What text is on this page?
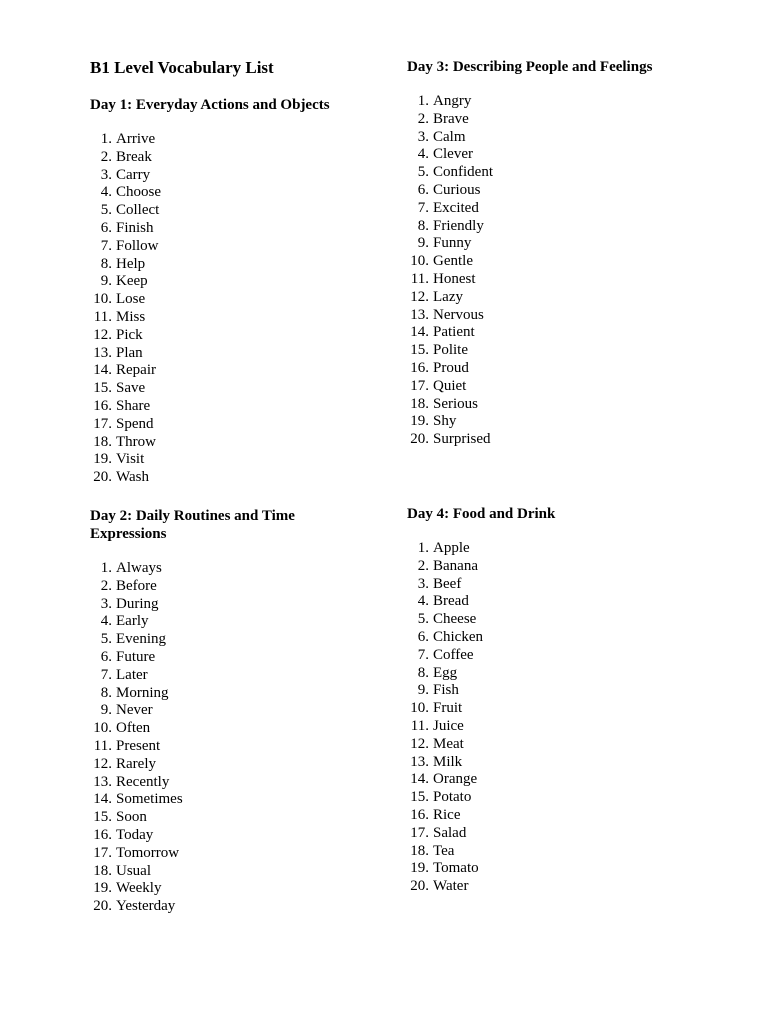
B1 Level Vocabulary List
Day 1: Everyday Actions and Objects
1. Arrive
2. Break
3. Carry
4. Choose
5. Collect
6. Finish
7. Follow
8. Help
9. Keep
10. Lose
11. Miss
12. Pick
13. Plan
14. Repair
15. Save
16. Share
17. Spend
18. Throw
19. Visit
20. Wash
Day 2: Daily Routines and Time Expressions
1. Always
2. Before
3. During
4. Early
5. Evening
6. Future
7. Later
8. Morning
9. Never
10. Often
11. Present
12. Rarely
13. Recently
14. Sometimes
15. Soon
16. Today
17. Tomorrow
18. Usual
19. Weekly
20. Yesterday
Day 3: Describing People and Feelings
1. Angry
2. Brave
3. Calm
4. Clever
5. Confident
6. Curious
7. Excited
8. Friendly
9. Funny
10. Gentle
11. Honest
12. Lazy
13. Nervous
14. Patient
15. Polite
16. Proud
17. Quiet
18. Serious
19. Shy
20. Surprised
Day 4: Food and Drink
1. Apple
2. Banana
3. Beef
4. Bread
5. Cheese
6. Chicken
7. Coffee
8. Egg
9. Fish
10. Fruit
11. Juice
12. Meat
13. Milk
14. Orange
15. Potato
16. Rice
17. Salad
18. Tea
19. Tomato
20. Water
